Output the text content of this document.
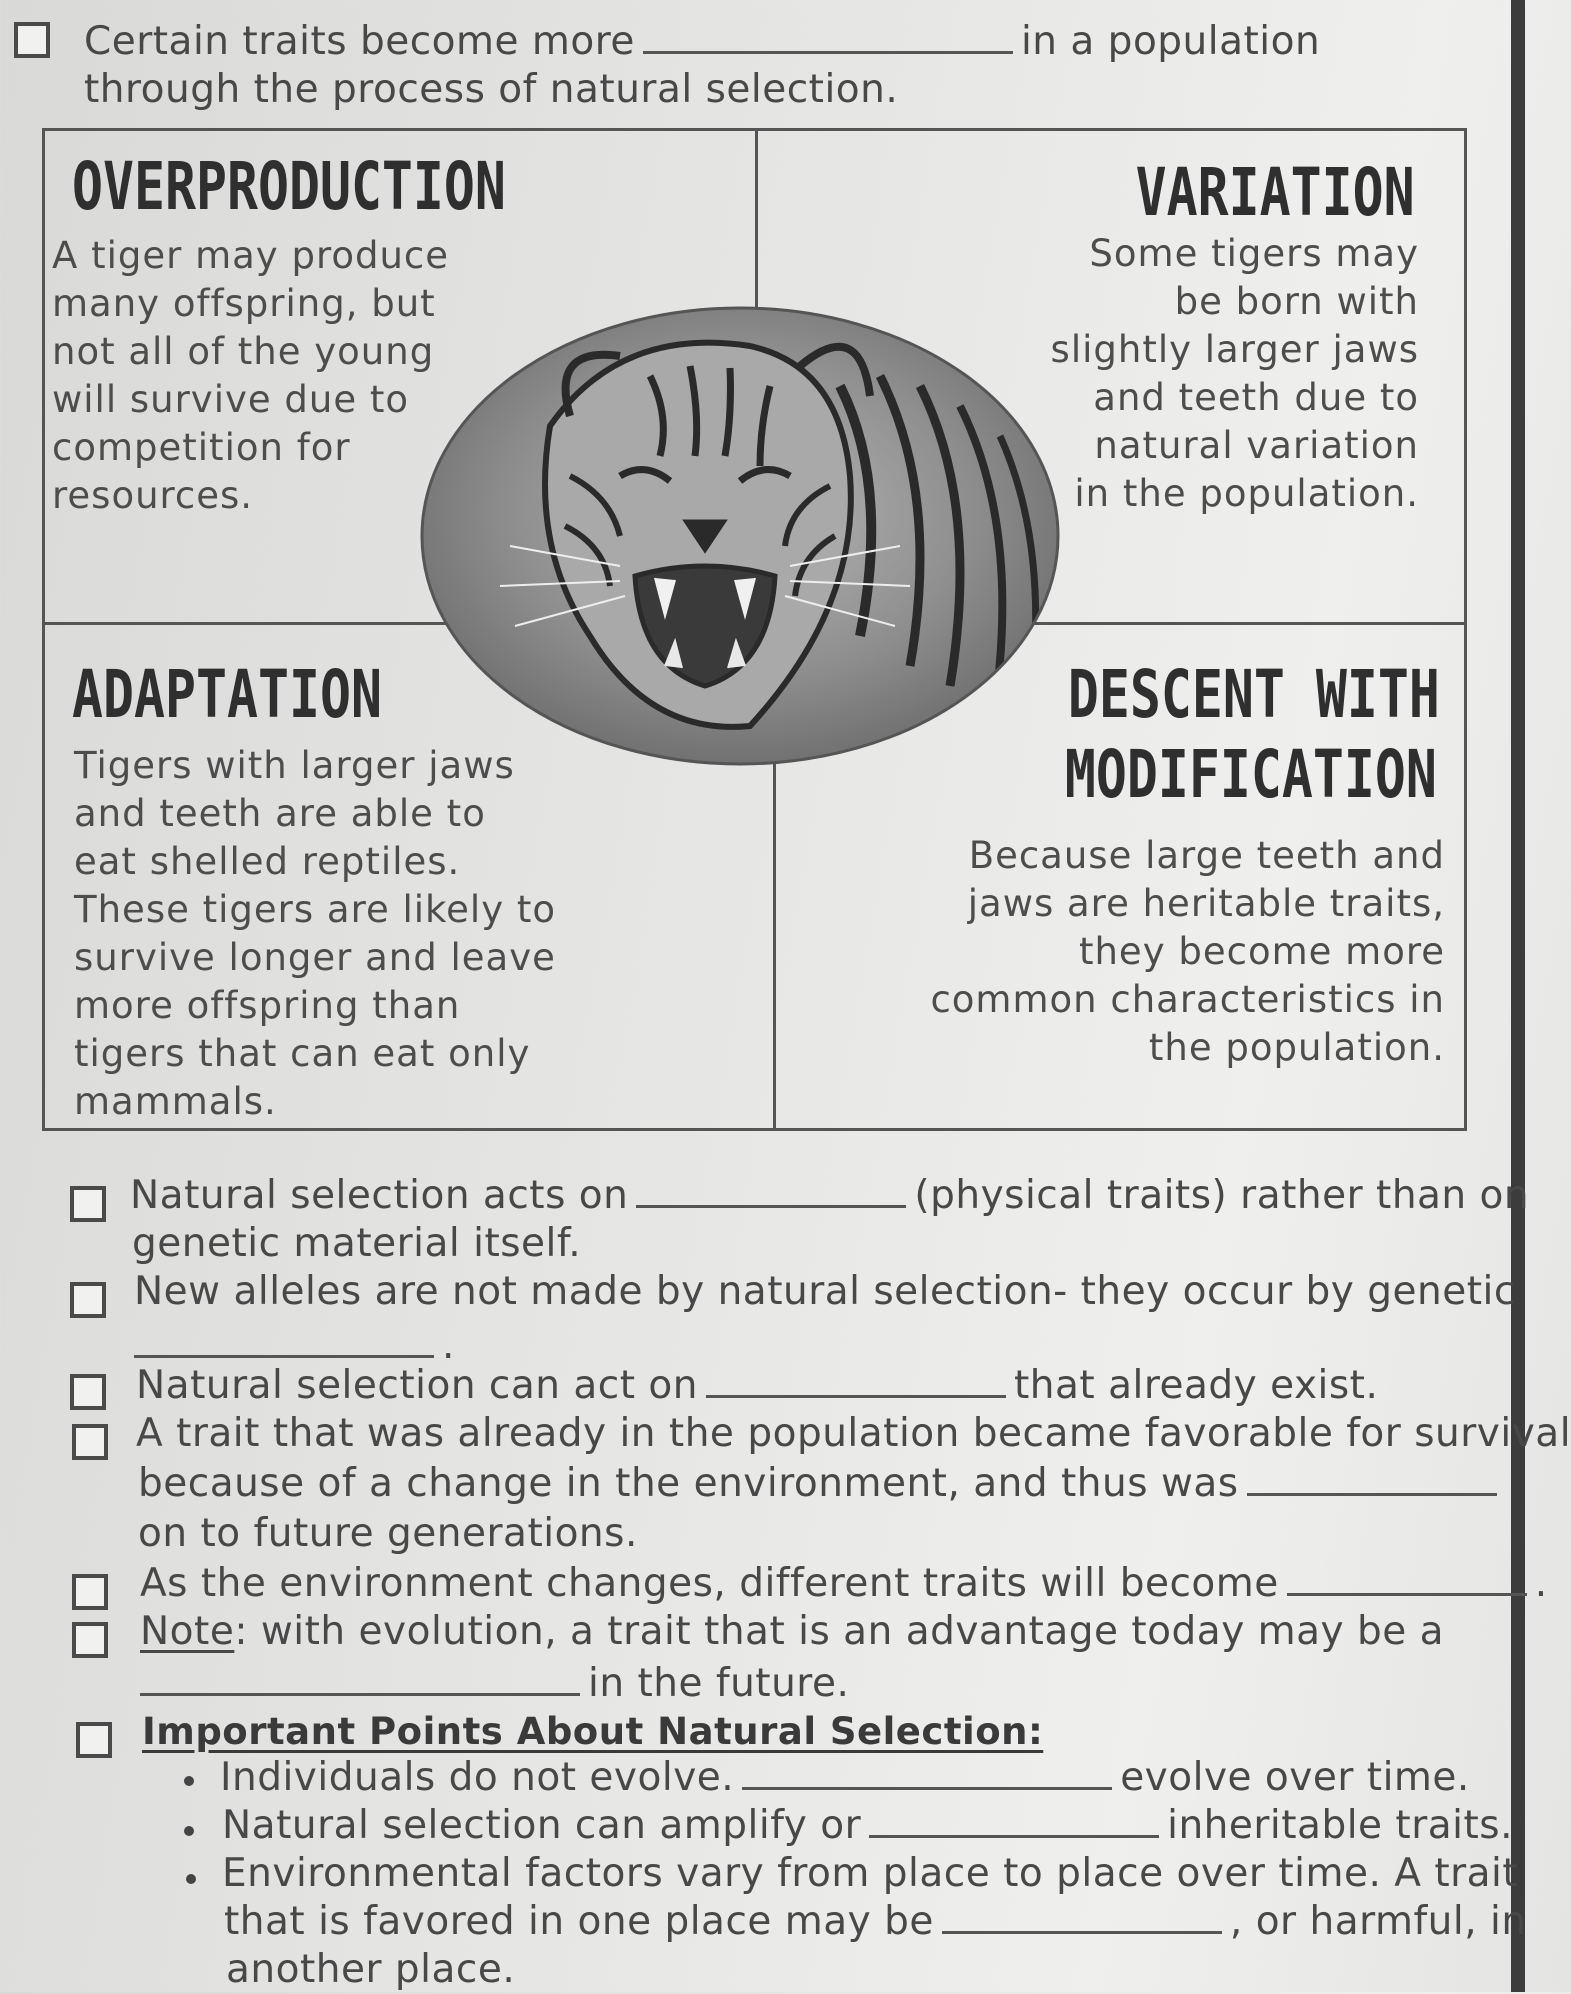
Certain traits become more	in a population
through the process of natural selection.
OVERPRODUCTION
A tiger may produce
many offspring, but
not all of the young
will survive due to
competition for
resources.
VARIATION
Some tigers may
be born with
slightly larger jaws
and teeth due to
natural variation
in the population.
ADAPTATION
Tigers with larger jaws
and teeth are able to
eat shelled reptiles.
These tigers are likely to
survive longer and leave
more offspring than
tigers that can eat only
mammals.
DESCENT WITH
MODIFICATION
Because large teeth and
jaws are heritable traits,
they become more
common characteristics in
the population.
Natural selection acts on	(physical traits) rather than on
genetic material itself.
New alleles are not made by natural selection- they occur by genetic
.
Natural selection can act on	that already exist.
A trait that was already in the population became favorable for survival
because of a change in the environment, and thus was
on to future generations.
As the environment changes, different traits will become	.
Note: with evolution, a trait that is an advantage today may be a
in the future.
Important Points About Natural Selection:
Individuals do not evolve.	evolve over time.
Natural selection can amplify or	inheritable traits.
Environmental factors vary from place to place over time. A trait
that is favored in one place may be	, or harmful, in
another place.
